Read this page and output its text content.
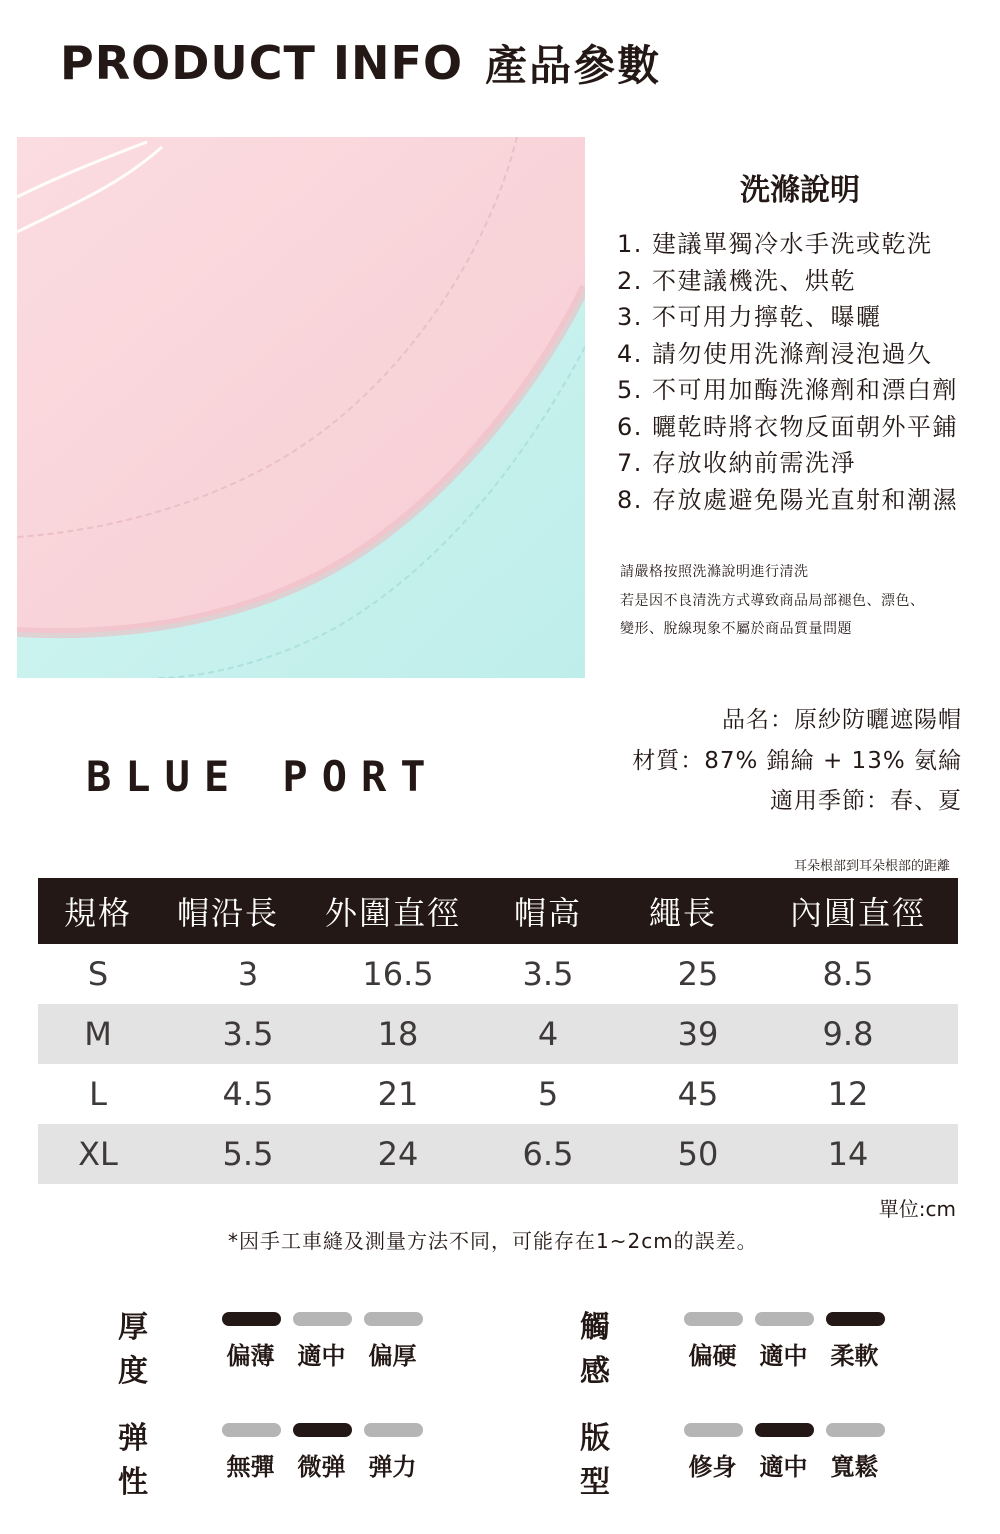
PRODUCT INFO 產品參數
洗滌說明
1. 建議單獨冷水手洗或乾洗
2. 不建議機洗、烘乾
3. 不可用力擰乾、曝曬
4. 請勿使用洗滌劑浸泡過久
5. 不可用加酶洗滌劑和漂白劑
6. 曬乾時將衣物反面朝外平鋪
7. 存放收納前需洗淨
8. 存放處避免陽光直射和潮濕
請嚴格按照洗滌說明進行清洗
若是因不良清洗方式導致商品局部褪色、漂色、
變形、脫線現象不屬於商品質量問題
BLUE PORT
品名：原紗防曬遮陽帽
材質：87% 錦綸 + 13% 氨綸
適用季節：春、夏
耳朵根部到耳朵根部的距離
規格	帽沿長	外圍直徑	帽高	繩長	內圓直徑
S	3	16.5	3.5	25	8.5
M	3.5	18	4	39	9.8
L	4.5	21	5	45	12
XL	5.5	24	6.5	50	14
單位:cm
*因手工車縫及測量方法不同，可能存在1~2cm的誤差。
厚度	偏薄 適中 偏厚
觸感	偏硬 適中 柔軟
弹性	無彈 微弹 弹力
版型	修身 適中 寬鬆
